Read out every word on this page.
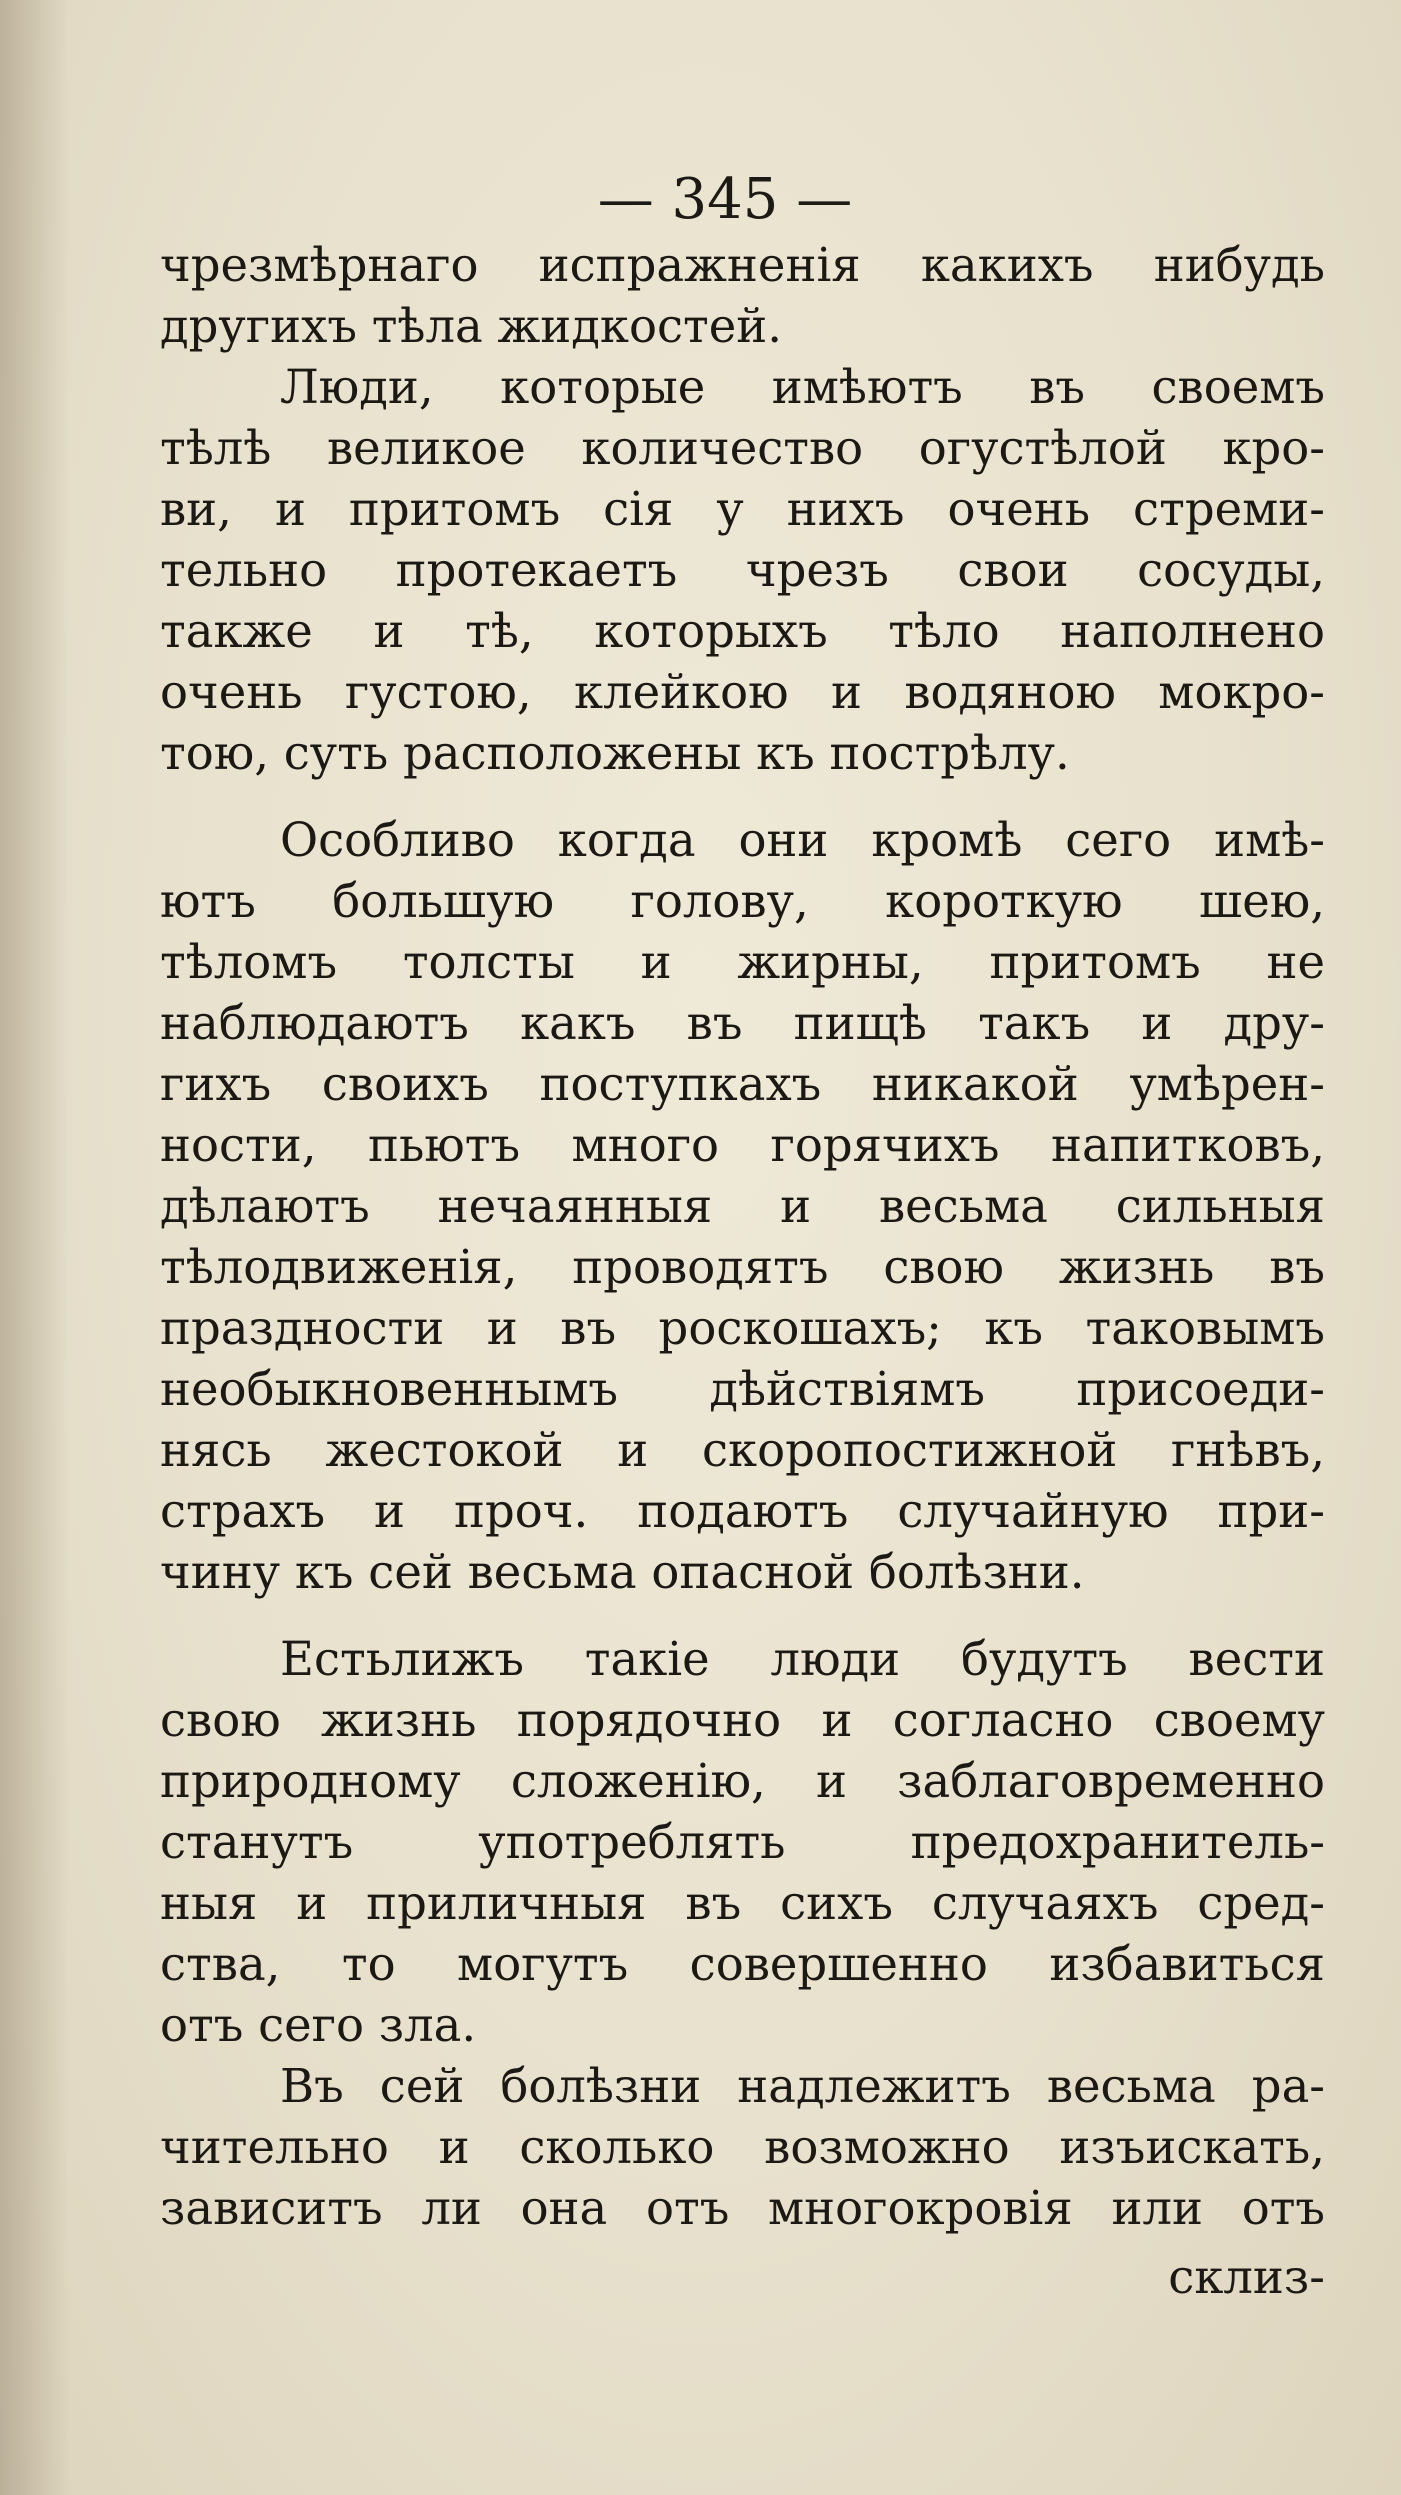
— 345 —
чрезмѣрнаго испражненія какихъ нибудь
другихъ тѣла жидкостей.
Люди, которые имѣютъ въ своемъ
тѣлѣ великое количество огустѣлой кро-
ви, и притомъ сія у нихъ очень стреми-
тельно протекаетъ чрезъ свои сосуды,
также и тѣ, которыхъ тѣло наполнено
очень густою, клейкою и водяною мокро-
тою, суть расположены къ пострѣлу.
Особливо когда они кромѣ сего имѣ-
ютъ большую голову, короткую шею,
тѣломъ толсты и жирны, притомъ не
наблюдаютъ какъ въ пищѣ такъ и дру-
гихъ своихъ поступкахъ никакой умѣрен-
ности, пьютъ много горячихъ напитковъ,
дѣлаютъ нечаянныя и весьма сильныя
тѣлодвиженія, проводятъ свою жизнь въ
праздности и въ роскошахъ; къ таковымъ
необыкновеннымъ дѣйствіямъ присоеди-
нясь жестокой и скоропостижной гнѣвъ,
страхъ и проч. подаютъ случайную при-
чину къ сей весьма опасной болѣзни.
Естьлижъ такіе люди будутъ вести
свою жизнь порядочно и согласно своему
природному сложенію, и заблаговременно
станутъ употреблять предохранитель-
ныя и приличныя въ сихъ случаяхъ сред-
ства, то могутъ совершенно избавиться
отъ сего зла.
Въ сей болѣзни надлежитъ весьма ра-
чительно и сколько возможно изъискать,
зависитъ ли она отъ многокровія или отъ
склиз-
